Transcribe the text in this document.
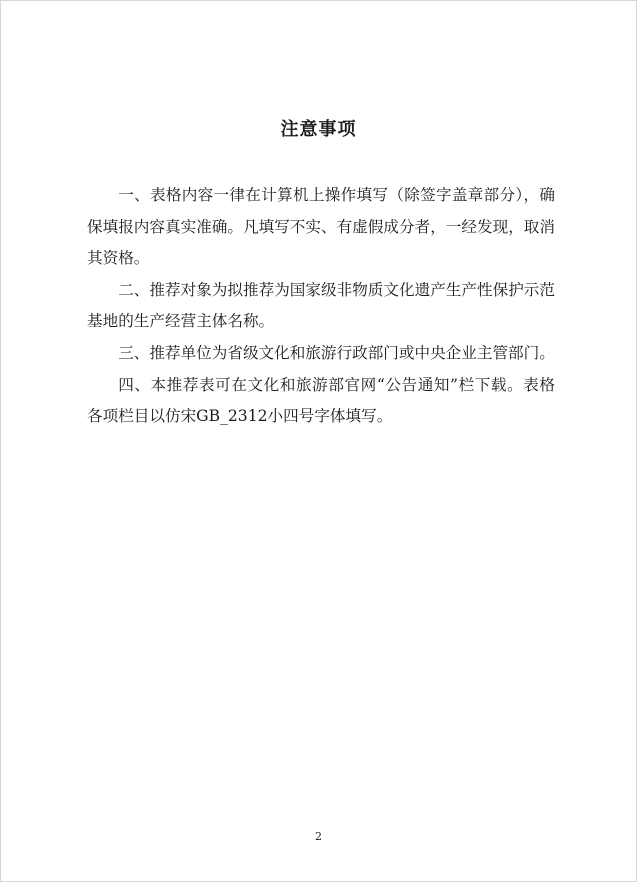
注意事项

一、表格内容一律在计算机上操作填写（除签字盖章部分），确保填报内容真实准确。凡填写不实、有虚假成分者，一经发现，取消其资格。

二、推荐对象为拟推荐为国家级非物质文化遗产生产性保护示范基地的生产经营主体名称。

三、推荐单位为省级文化和旅游行政部门或中央企业主管部门。

四、本推荐表可在文化和旅游部官网“公告通知”栏下载。表格各项栏目以仿宋GB_2312小四号字体填写。

2
